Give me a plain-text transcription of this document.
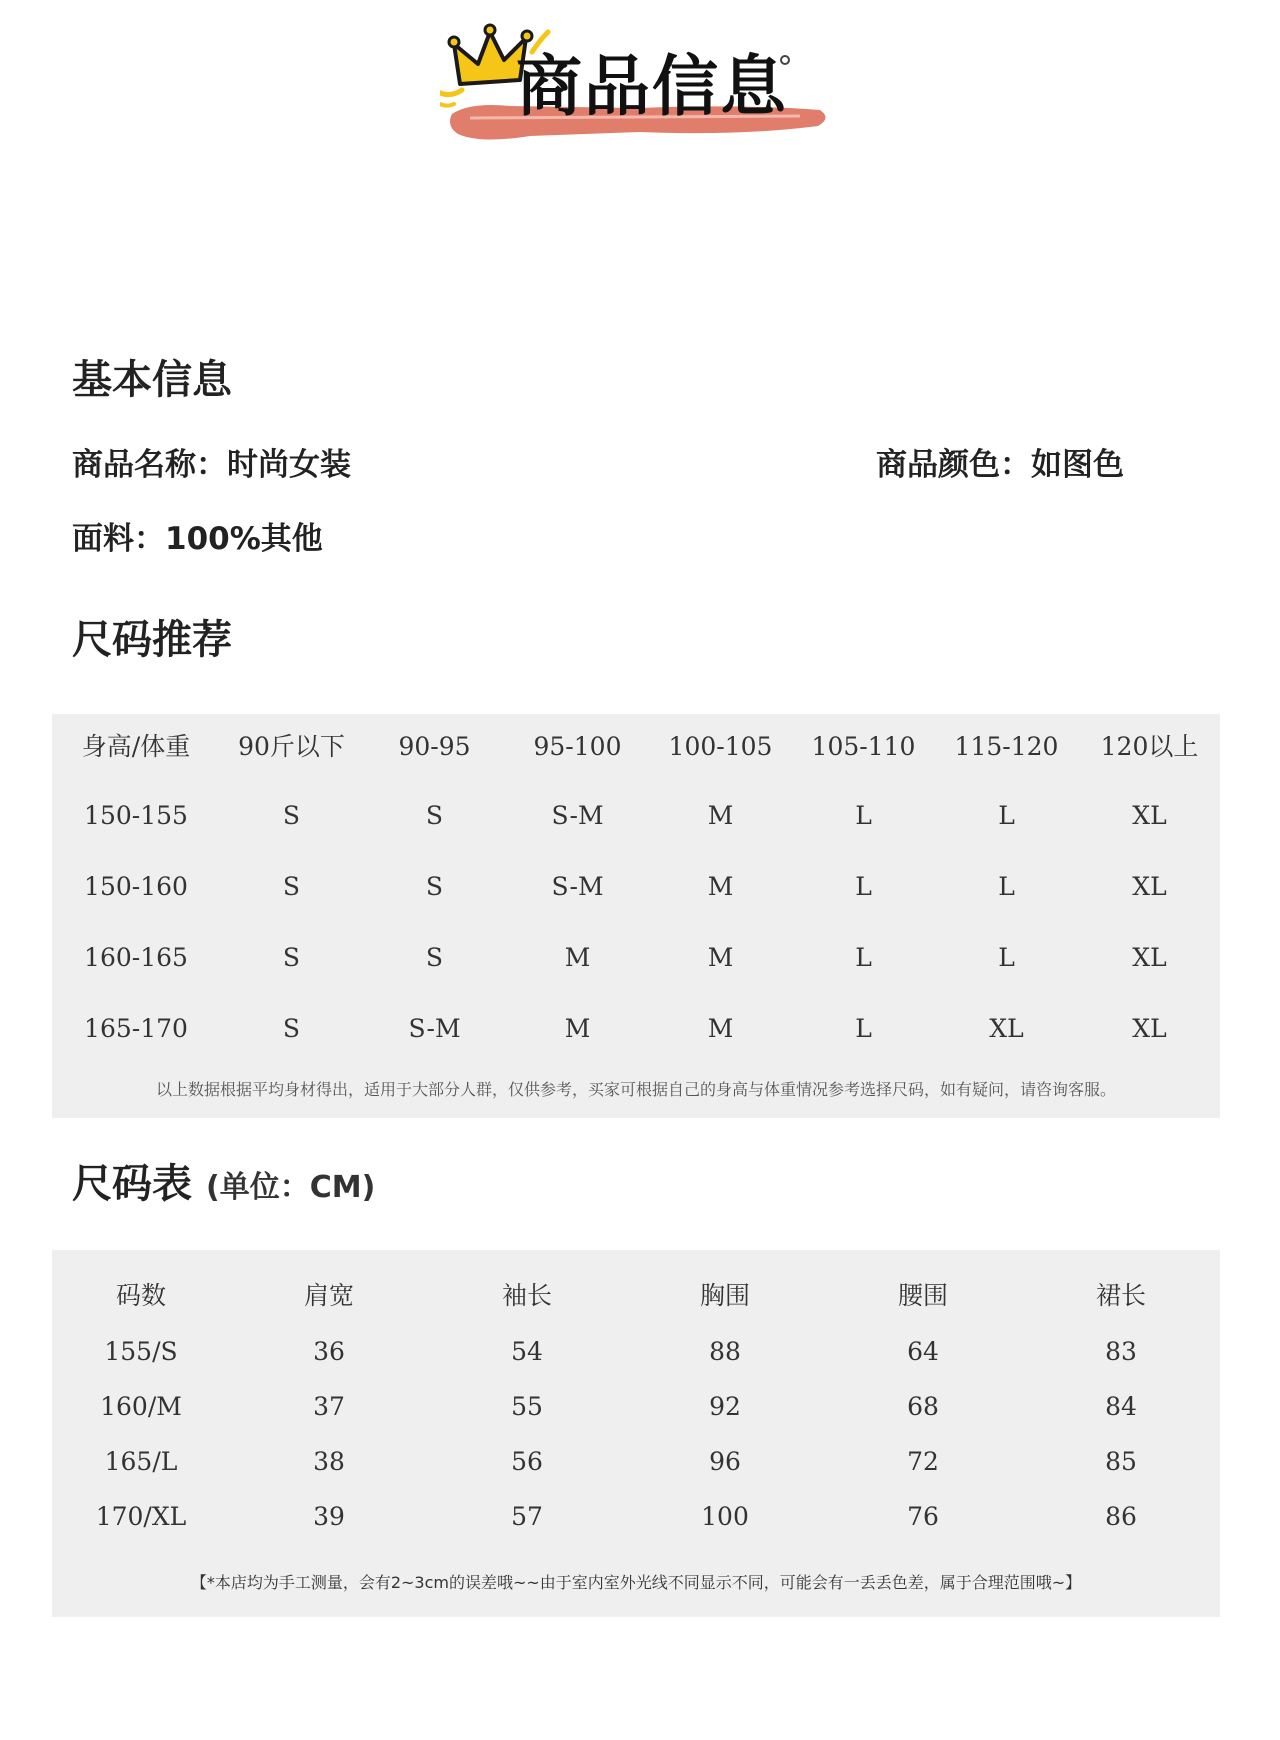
商品信息
基本信息
商品名称：时尚女装	商品颜色：如图色
面料：100%其他
尺码推荐
身高/体重	90斤以下	90-95	95-100	100-105	105-110	115-120	120以上
150-155	S	S	S-M	M	L	L	XL
150-160	S	S	S-M	M	L	L	XL
160-165	S	S	M	M	L	L	XL
165-170	S	S-M	M	M	L	XL	XL
以上数据根据平均身材得出，适用于大部分人群，仅供参考，买家可根据自己的身高与体重情况参考选择尺码，如有疑问，请咨询客服。
尺码表 (单位：CM)
码数	肩宽	袖长	胸围	腰围	裙长
155/S	36	54	88	64	83
160/M	37	55	92	68	84
165/L	38	56	96	72	85
170/XL	39	57	100	76	86
【*本店均为手工测量，会有2~3cm的误差哦~~由于室内室外光线不同显示不同，可能会有一丢丢色差，属于合理范围哦~】
